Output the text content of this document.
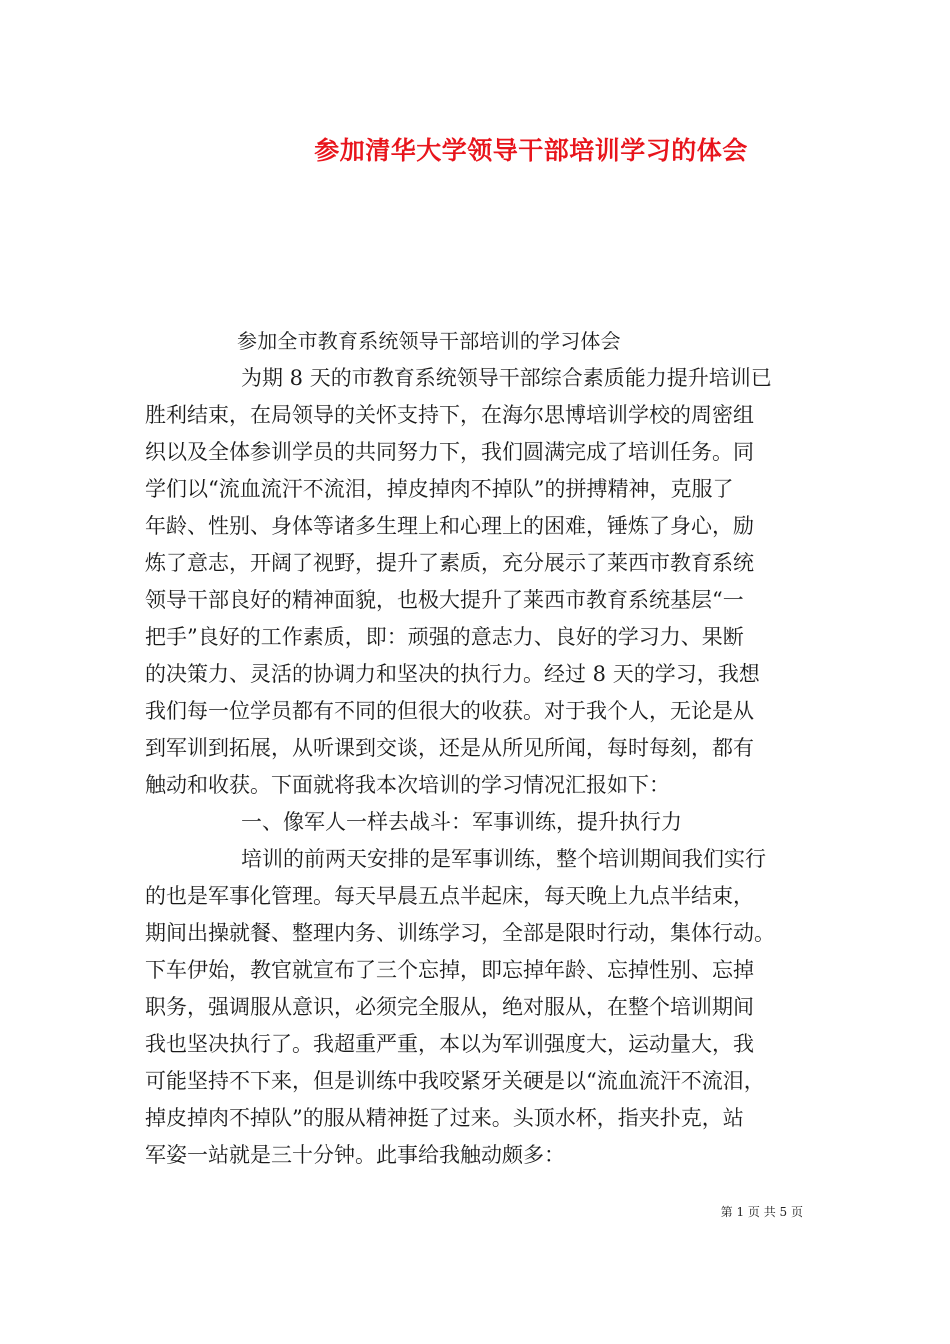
参加清华大学领导干部培训学习的体会
参加全市教育系统领导干部培训的学习体会
为期 8 天的市教育系统领导干部综合素质能力提升培训已
胜利结束，在局领导的关怀支持下，在海尔思博培训学校的周密组
织以及全体参训学员的共同努力下，我们圆满完成了培训任务。同
学们以“流血流汗不流泪，掉皮掉肉不掉队”的拼搏精神，克服了
年龄、性别、身体等诸多生理上和心理上的困难，锤炼了身心，励
炼了意志，开阔了视野，提升了素质，充分展示了莱西市教育系统
领导干部良好的精神面貌，也极大提升了莱西市教育系统基层“一
把手”良好的工作素质，即：顽强的意志力、良好的学习力、果断
的决策力、灵活的协调力和坚决的执行力。经过 8 天的学习，我想
我们每一位学员都有不同的但很大的收获。对于我个人，无论是从
到军训到拓展，从听课到交谈，还是从所见所闻，每时每刻，都有
触动和收获。下面就将我本次培训的学习情况汇报如下：
一、像军人一样去战斗：军事训练，提升执行力
培训的前两天安排的是军事训练，整个培训期间我们实行
的也是军事化管理。每天早晨五点半起床，每天晚上九点半结束，
期间出操就餐、整理内务、训练学习，全部是限时行动，集体行动。
下车伊始，教官就宣布了三个忘掉，即忘掉年龄、忘掉性别、忘掉
职务，强调服从意识，必须完全服从，绝对服从，在整个培训期间
我也坚决执行了。我超重严重，本以为军训强度大，运动量大，我
可能坚持不下来，但是训练中我咬紧牙关硬是以“流血流汗不流泪，
掉皮掉肉不掉队”的服从精神挺了过来。头顶水杯，指夹扑克，站
军姿一站就是三十分钟。此事给我触动颇多：
第 1 页 共 5 页
